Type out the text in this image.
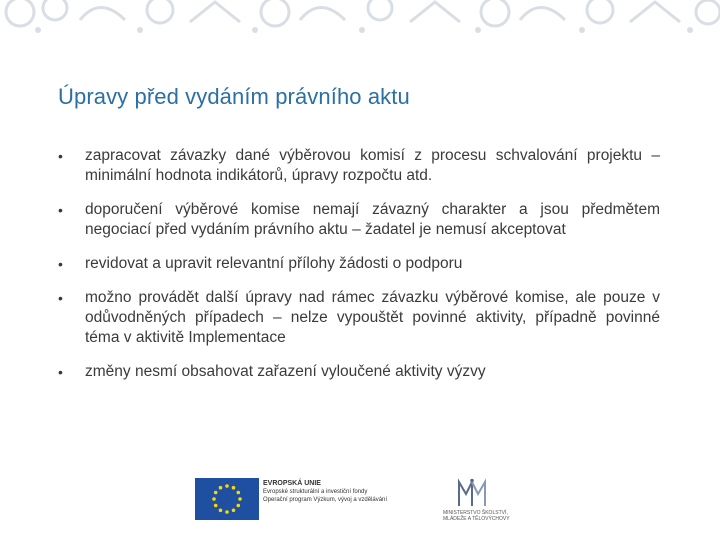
Úpravy před vydáním právního aktu
• zapracovat závazky dané výběrovou komisí z procesu schvalování projektu – minimální hodnota indikátorů, úpravy rozpočtu atd.
• doporučení výběrové komise nemají závazný charakter a jsou předmětem negociací před vydáním právního aktu – žadatel je nemusí akceptovat
• revidovat a upravit relevantní přílohy žádosti o podporu
• možno provádět další úpravy nad rámec závazku výběrové komise, ale pouze v odůvodněných případech – nelze vypouštět povinné aktivity, případně povinné téma v aktivitě Implementace
• změny nesmí obsahovat zařazení vyloučené aktivity výzvy
EVROPSKÁ UNIE
Evropské strukturální a investiční fondy
Operační program Výzkum, vývoj a vzdělávání
MINISTERSTVO ŠKOLSTVÍ,
MLÁDEŽE A TĚLOVÝCHOVY
